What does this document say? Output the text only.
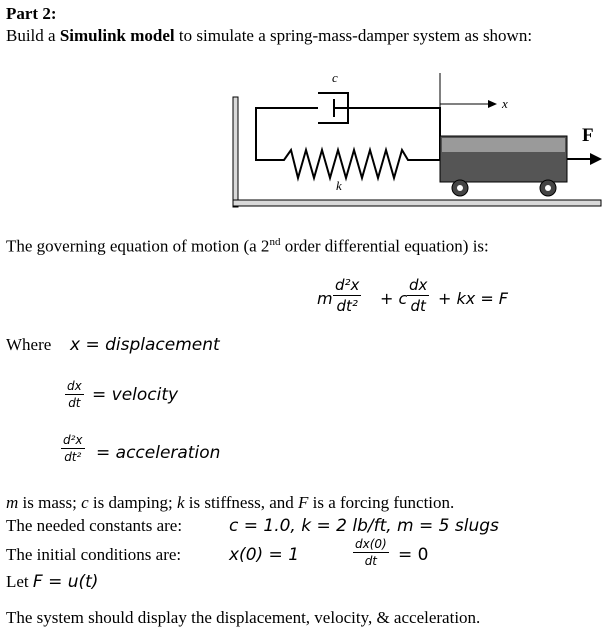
Part 2:
Build a Simulink model to simulate a spring-mass-damper system as shown:
c
k
x
F
The governing equation of motion (a 2nd order differential equation) is:
m
d²x
dt² + c
dx
dt + kx = F
Where x = displacement
dx
dt = velocity
d²x
dt² = acceleration
m is mass; c is damping; k is stiffness, and F is a forcing function.
The needed constants are:	c = 1.0, k = 2 lb/ft, m = 5 slugs
The initial conditions are:	x(0) = 1
dx(0)
dt = 0
Let F = u(t)
The system should display the displacement, velocity, & acceleration.
